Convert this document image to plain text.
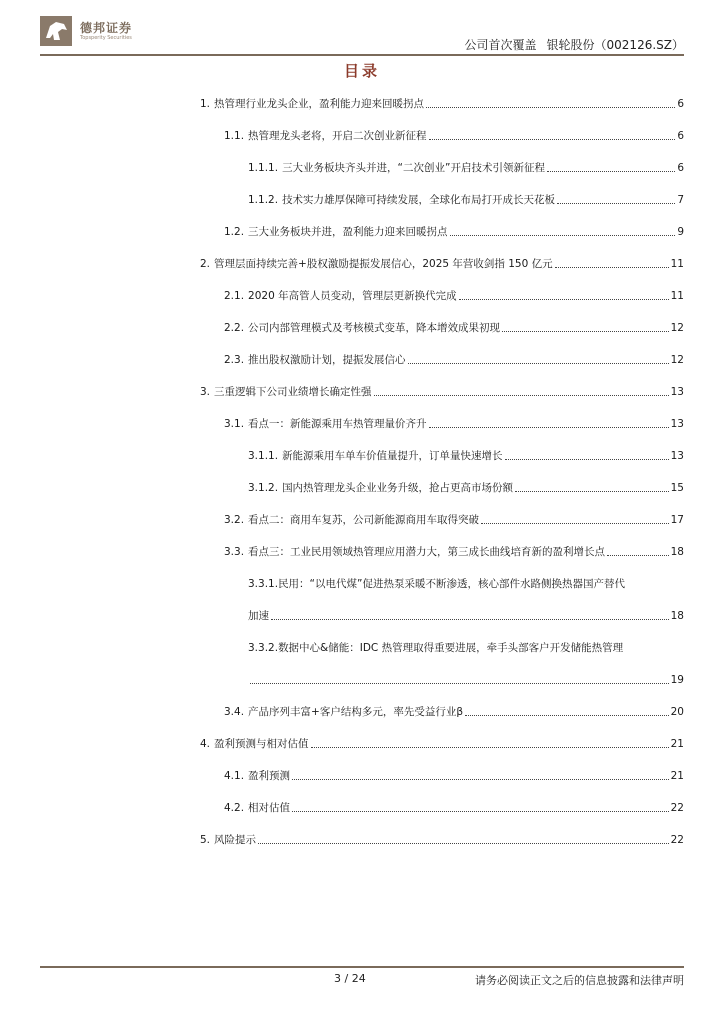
德邦证券
Topsperity Securities	公司首次覆盖 银轮股份（002126.SZ）
目录
1. 热管理行业龙头企业，盈利能力迎来回暖拐点	6
1.1. 热管理龙头老将，开启二次创业新征程	6
1.1.1. 三大业务板块齐头并进，“二次创业”开启技术引领新征程	6
1.1.2. 技术实力雄厚保障可持续发展，全球化布局打开成长天花板	7
1.2. 三大业务板块并进，盈利能力迎来回暖拐点	9
2. 管理层面持续完善+股权激励提振发展信心，2025 年营收剑指 150 亿元	11
2.1. 2020 年高管人员变动，管理层更新换代完成	11
2.2. 公司内部管理模式及考核模式变革，降本增效成果初现	12
2.3. 推出股权激励计划，提振发展信心	12
3. 三重逻辑下公司业绩增长确定性强	13
3.1. 看点一：新能源乘用车热管理量价齐升	13
3.1.1. 新能源乘用车单车价值量提升，订单量快速增长	13
3.1.2. 国内热管理龙头企业业务升级，抢占更高市场份额	15
3.2. 看点二：商用车复苏，公司新能源商用车取得突破	17
3.3. 看点三：工业民用领域热管理应用潜力大，第三成长曲线培育新的盈利增长点	18
3.3.1.民用：“以电代煤”促进热泵采暖不断渗透，核心部件水路侧换热器国产替代
加速	18
3.3.2.数据中心&储能：IDC 热管理取得重要进展，牵手头部客户开发储能热管理
19
3.4. 产品序列丰富+客户结构多元，率先受益行业β	20
4. 盈利预测与相对估值	21
4.1. 盈利预测	21
4.2. 相对估值	22
5. 风险提示	22
3 / 24	请务必阅读正文之后的信息披露和法律声明
